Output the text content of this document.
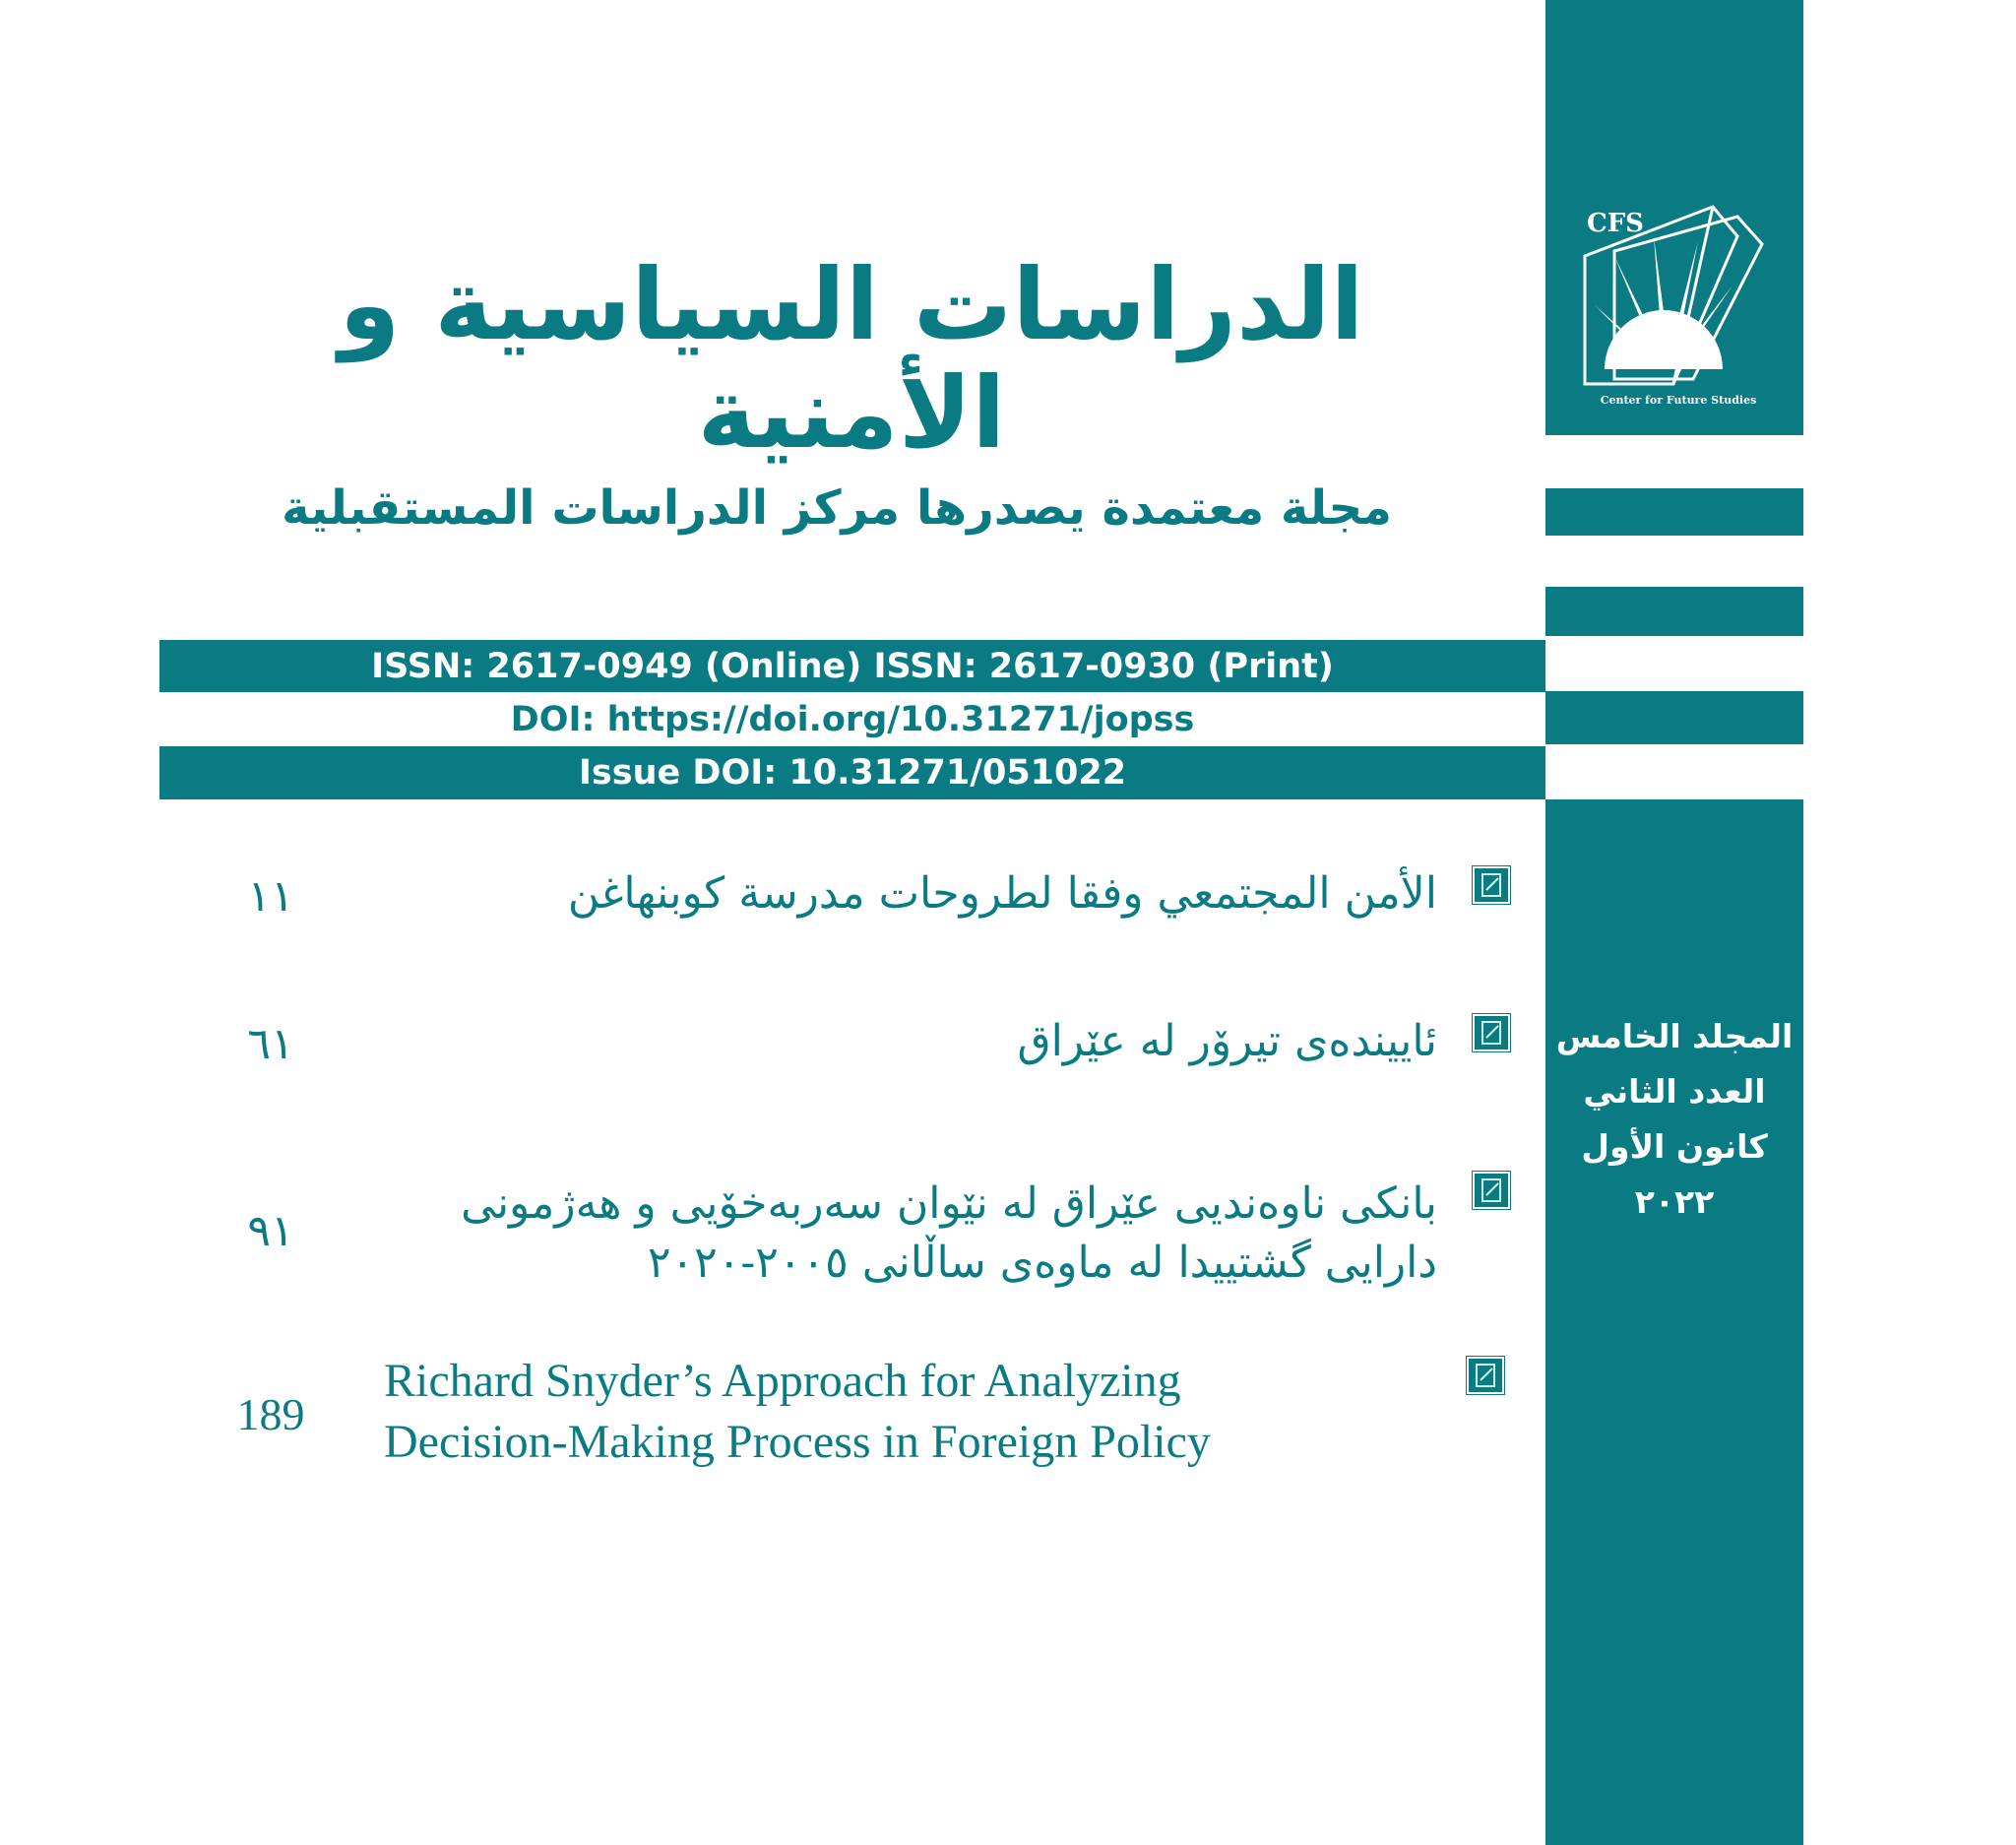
CFS
Center for Future Studies
الدراسات السياسية و الأمنية
مجلة معتمدة يصدرها مركز الدراسات المستقبلية
ISSN: 2617-0949 (Online) ISSN: 2617-0930 (Print)
DOI: https://doi.org/10.31271/jopss
Issue DOI: 10.31271/051022
الأمن المجتمعي وفقا لطروحات مدرسة كوبنهاغن
١١
ئاییندەی تیرۆر لە عێراق
٦١
بانکی ناوەندیی عێراق لە نێوان سەربەخۆیی و هەژمونی
دارایی گشتییدا لە ماوەی ساڵانی ٢٠٠٥-٢٠٢٠
٩١
Richard Snyder’s Approach for Analyzing
Decision-Making Process in Foreign Policy
189
المجلد الخامس
العدد الثاني
كانون الأول
٢٠٢٢
